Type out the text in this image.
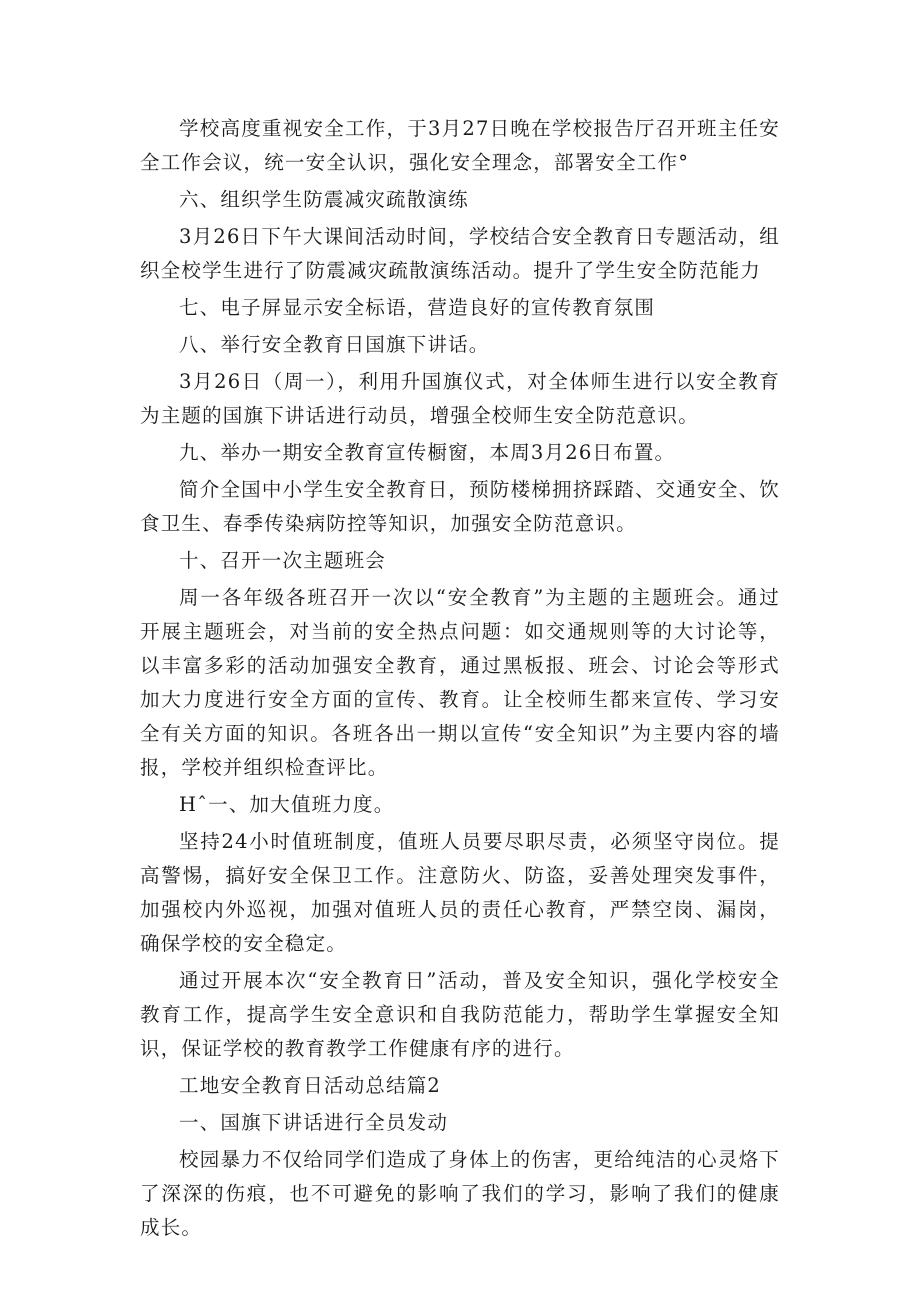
学校高度重视安全工作，于3月27日晚在学校报告厅召开班主任安全工作会议，统一安全认识，强化安全理念，部署安全工作°

六、组织学生防震减灾疏散演练

3月26日下午大课间活动时间，学校结合安全教育日专题活动，组织全校学生进行了防震减灾疏散演练活动。提升了学生安全防范能力

七、电子屏显示安全标语，营造良好的宣传教育氛围

八、举行安全教育日国旗下讲话。

3月26日（周一），利用升国旗仪式，对全体师生进行以安全教育为主题的国旗下讲话进行动员，增强全校师生安全防范意识。

九、举办一期安全教育宣传橱窗，本周3月26日布置。

简介全国中小学生安全教育日，预防楼梯拥挤踩踏、交通安全、饮食卫生、春季传染病防控等知识，加强安全防范意识。

十、召开一次主题班会

周一各年级各班召开一次以“安全教育”为主题的主题班会。通过开展主题班会，对当前的安全热点问题：如交通规则等的大讨论等，以丰富多彩的活动加强安全教育，通过黑板报、班会、讨论会等形式加大力度进行安全方面的宣传、教育。让全校师生都来宣传、学习安全有关方面的知识。各班各出一期以宣传“安全知识”为主要内容的墙报，学校并组织检查评比。

Hˆ一、加大值班力度。

坚持24小时值班制度，值班人员要尽职尽责，必须坚守岗位。提高警惕，搞好安全保卫工作。注意防火、防盗，妥善处理突发事件，加强校内外巡视，加强对值班人员的责任心教育，严禁空岗、漏岗，确保学校的安全稳定。

通过开展本次“安全教育日”活动，普及安全知识，强化学校安全教育工作，提高学生安全意识和自我防范能力，帮助学生掌握安全知识，保证学校的教育教学工作健康有序的进行。

工地安全教育日活动总结篇2

一、国旗下讲话进行全员发动

校园暴力不仅给同学们造成了身体上的伤害，更给纯洁的心灵烙下了深深的伤痕，也不可避免的影响了我们的学习，影响了我们的健康成长。
